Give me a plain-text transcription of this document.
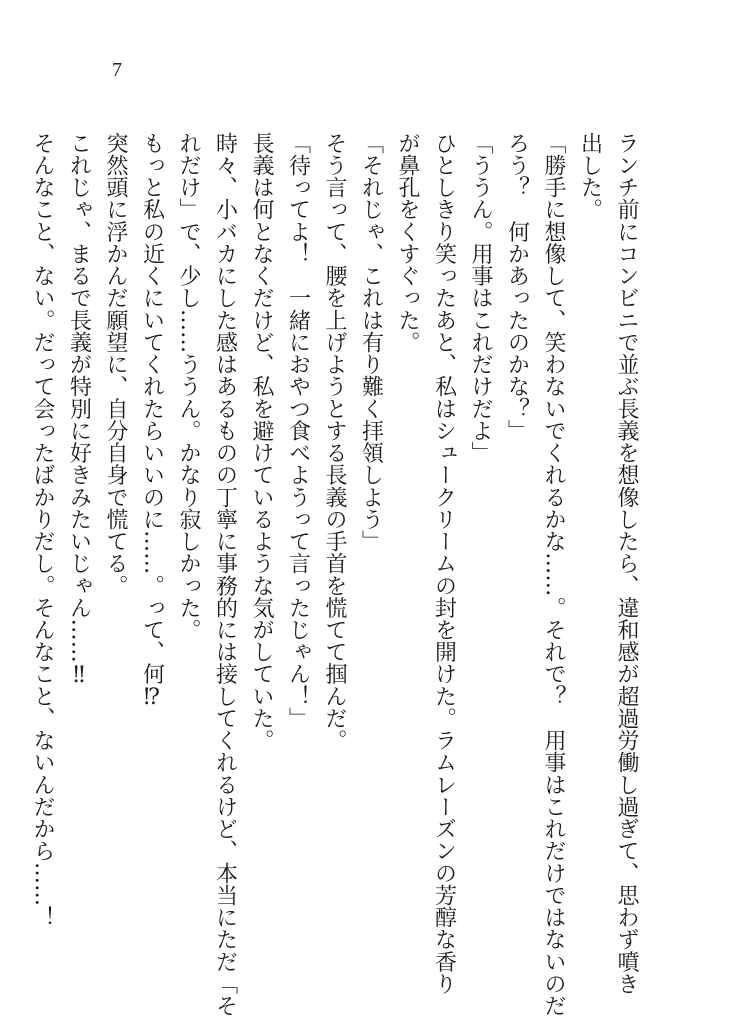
7

ランチ前にコンビニで並ぶ長義を想像したら、違和感が超過労働し過ぎて、思わず噴き

出した。

「勝手に想像して、笑わないでくれるかな……。それで？　用事はこれだけではないのだ

ろう？　何かあったのかな？」

「ううん。用事はこれだけだよ」

ひとしきり笑ったあと、私はシュークリームの封を開けた。ラムレーズンの芳醇な香り

が鼻孔をくすぐった。

「それじゃ、これは有り難く拝領しよう」

そう言って、腰を上げようとする長義の手首を慌てて掴んだ。

「待ってよ！　一緒におやつ食べようって言ったじゃん！」

長義は何となくだけど、私を避けているような気がしていた。

時々、小バカにした感はあるものの丁寧に事務的には接してくれるけど、本当にただ「そ

れだけ」で、少し……ううん。かなり寂しかった。

もっと私の近くにいてくれたらいいのに……。って、何⁉

突然頭に浮かんだ願望に、自分自身で慌てる。

これじゃ、まるで長義が特別に好きみたいじゃん……‼

そんなこと、ない。だって会ったばかりだし。そんなこと、ないんだから……！
